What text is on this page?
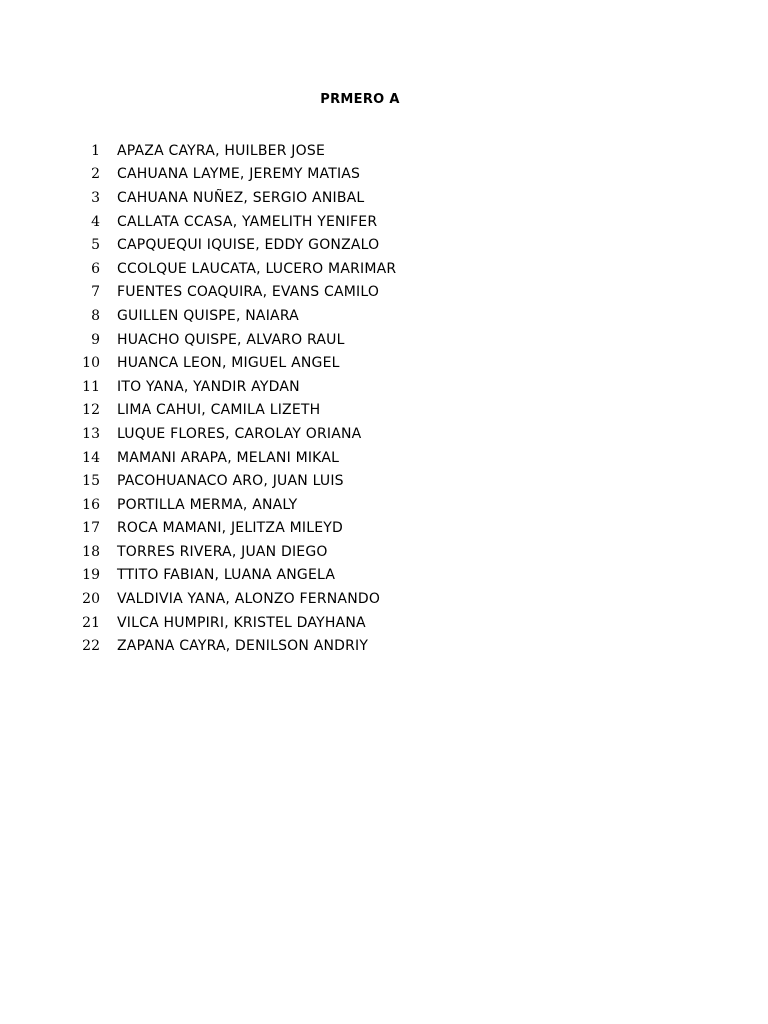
PRMERO A
1 APAZA CAYRA, HUILBER JOSE
2 CAHUANA LAYME, JEREMY MATIAS
3 CAHUANA NUÑEZ, SERGIO ANIBAL
4 CALLATA CCASA, YAMELITH YENIFER
5 CAPQUEQUI IQUISE, EDDY GONZALO
6 CCOLQUE LAUCATA, LUCERO MARIMAR
7 FUENTES COAQUIRA, EVANS CAMILO
8 GUILLEN QUISPE, NAIARA
9 HUACHO QUISPE, ALVARO RAUL
10 HUANCA LEON, MIGUEL ANGEL
11 ITO YANA, YANDIR AYDAN
12 LIMA CAHUI, CAMILA LIZETH
13 LUQUE FLORES, CAROLAY ORIANA
14 MAMANI ARAPA, MELANI MIKAL
15 PACOHUANACO ARO, JUAN LUIS
16 PORTILLA MERMA, ANALY
17 ROCA MAMANI, JELITZA MILEYD
18 TORRES RIVERA, JUAN DIEGO
19 TTITO FABIAN, LUANA ANGELA
20 VALDIVIA YANA, ALONZO FERNANDO
21 VILCA HUMPIRI, KRISTEL DAYHANA
22 ZAPANA CAYRA, DENILSON ANDRIY
